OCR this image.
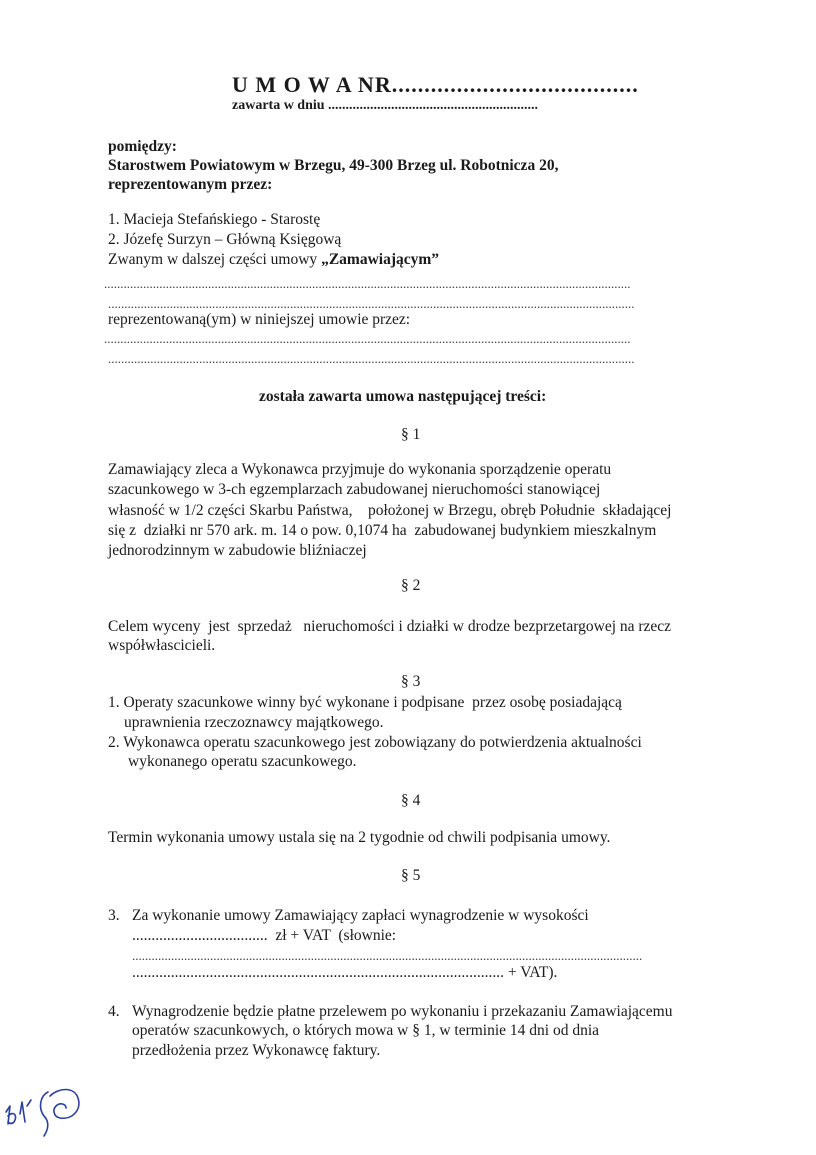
U M O W A NR......................................
zawarta w dniu ............................................................
pomiędzy:
Starostwem Powiatowym w Brzegu, 49-300 Brzeg ul. Robotnicza 20,
reprezentowanym przez:
1. Macieja Stefańskiego - Starostę
2. Józefę Surzyn – Główną Księgową
Zwanym w dalszej części umowy „Zamawiającym”
..................................................................................................................................................................
..................................................................................................................................................................
reprezentowaną(ym) w niniejszej umowie przez:
..................................................................................................................................................................
..................................................................................................................................................................
została zawarta umowa następującej treści:
§ 1
Zamawiający zleca a Wykonawca przyjmuje do wykonania sporządzenie operatu
szacunkowego w 3-ch egzemplarzach zabudowanej nieruchomości stanowiącej
własność w 1/2 części Skarbu Państwa,    położonej w Brzegu, obręb Południe  składającej
się z  działki nr 570 ark. m. 14 o pow. 0,1074 ha  zabudowanej budynkiem mieszkalnym
jednorodzinnym w zabudowie bliźniaczej
§ 2
Celem wyceny  jest  sprzedaż   nieruchomości i działki w drodze bezprzetargowej na rzecz
współwłascicieli.
§ 3
1. Operaty szacunkowe winny być wykonane i podpisane  przez osobę posiadającą
uprawnienia rzeczoznawcy majątkowego.
2. Wykonawca operatu szacunkowego jest zobowiązany do potwierdzenia aktualności
wykonanego operatu szacunkowego.
§ 4
Termin wykonania umowy ustala się na 2 tygodnie od chwili podpisania umowy.
§ 5
3. Za wykonanie umowy Zamawiający zapłaci wynagrodzenie w wysokości
...................................  zł + VAT  (słownie:
.............................................................................................................................................................
................................................................................................ + VAT).
4. Wynagrodzenie będzie płatne przelewem po wykonaniu i przekazaniu Zamawiającemu
operatów szacunkowych, o których mowa w § 1, w terminie 14 dni od dnia
przedłożenia przez Wykonawcę faktury.
